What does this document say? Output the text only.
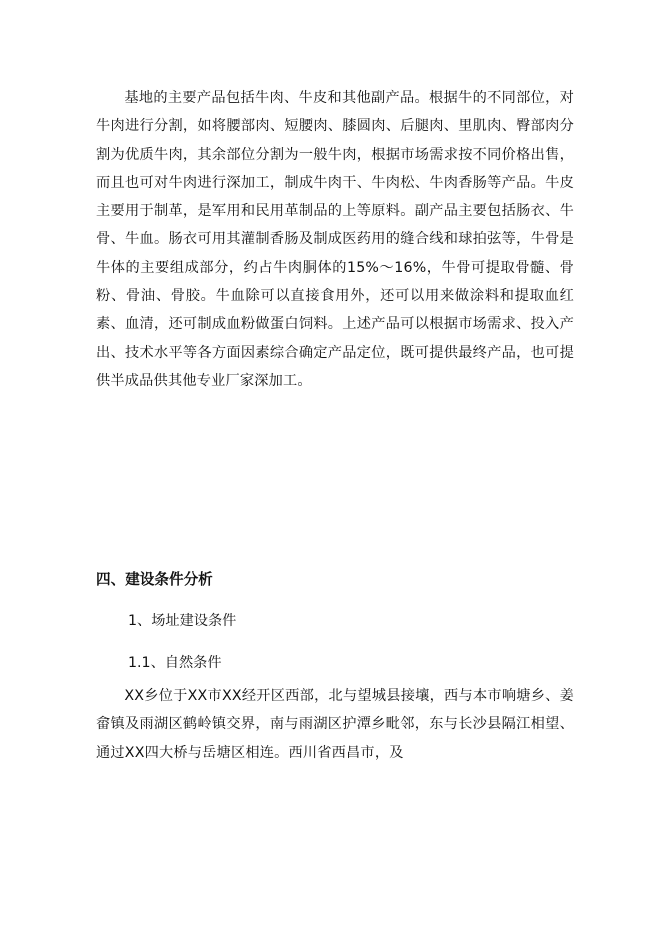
基地的主要产品包括牛肉、牛皮和其他副产品。根据牛的不同部位，对牛肉进行分割，如将腰部肉、短腰肉、膝圆肉、后腿肉、里肌肉、臀部肉分割为优质牛肉，其余部位分割为一般牛肉，根据市场需求按不同价格出售，而且也可对牛肉进行深加工，制成牛肉干、牛肉松、牛肉香肠等产品。牛皮主要用于制革，是军用和民用革制品的上等原料。副产品主要包括肠衣、牛骨、牛血。肠衣可用其灌制香肠及制成医药用的缝合线和球拍弦等，牛骨是牛体的主要组成部分，约占牛肉胴体的15%～16%，牛骨可提取骨髓、骨粉、骨油、骨胶。牛血除可以直接食用外，还可以用来做涂料和提取血红素、血清，还可制成血粉做蛋白饲料。上述产品可以根据市场需求、投入产出、技术水平等各方面因素综合确定产品定位，既可提供最终产品，也可提供半成品供其他专业厂家深加工。

四、建设条件分析

1、场址建设条件

1.1、自然条件

XX乡位于XX市XX经开区西部，北与望城县接壤，西与本市响塘乡、姜畲镇及雨湖区鹤岭镇交界，南与雨湖区护潭乡毗邻，东与长沙县隔江相望、通过XX四大桥与岳塘区相连。西川省西昌市，及
